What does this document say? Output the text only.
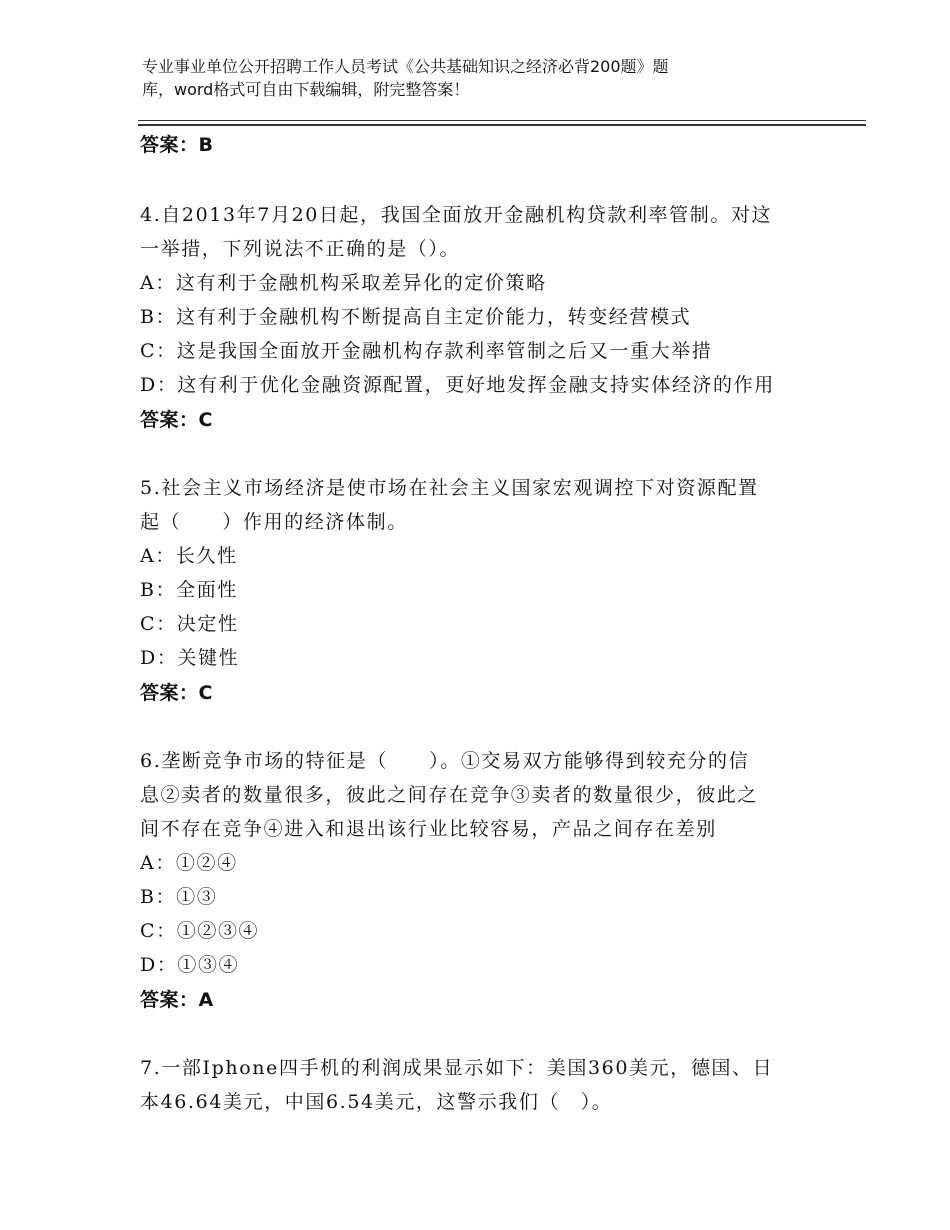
专业事业单位公开招聘工作人员考试《公共基础知识之经济必背200题》题
库，word格式可自由下载编辑，附完整答案！
答案：B
4.自2013年7月20日起，我国全面放开金融机构贷款利率管制。对这
一举措，下列说法不正确的是（）。
A：这有利于金融机构采取差异化的定价策略
B：这有利于金融机构不断提高自主定价能力，转变经营模式
C：这是我国全面放开金融机构存款利率管制之后又一重大举措
D：这有利于优化金融资源配置，更好地发挥金融支持实体经济的作用
答案：C
5.社会主义市场经济是使市场在社会主义国家宏观调控下对资源配置
起（　　）作用的经济体制。
A：长久性
B：全面性
C：决定性
D：关键性
答案：C
6.垄断竞争市场的特征是（　　）。①交易双方能够得到较充分的信
息②卖者的数量很多，彼此之间存在竞争③卖者的数量很少，彼此之
间不存在竞争④进入和退出该行业比较容易，产品之间存在差别
A：①②④
B：①③
C：①②③④
D：①③④
答案：A
7.一部Iphone四手机的利润成果显示如下：美国360美元，德国、日
本46.64美元，中国6.54美元，这警示我们（　）。
